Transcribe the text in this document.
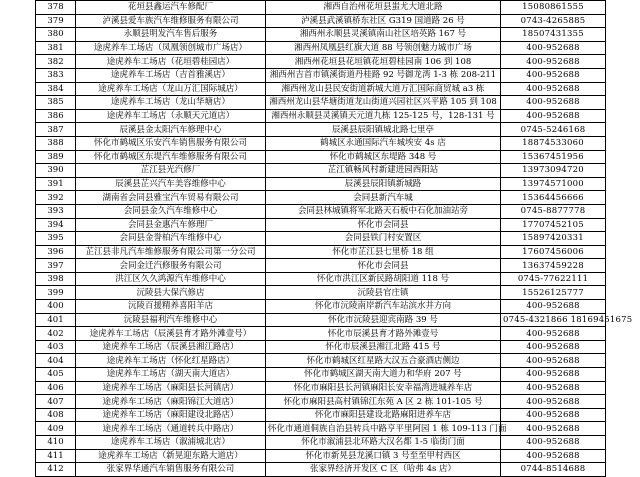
378	花垣县鑫运汽车修配厂	湘西自治州花垣县蚩尤大道北路	15080861555
379	泸溪县爱车族汽车维修服务有限公司	泸溪县武溪镇桥东社区 G319 国道路 26 号	0743-4265885
380	永顺县明发汽车售后服务	湘西州永顺县灵溪镇南山社区培英路 167 号	18507431355
381	途虎养车工场店（凤凰领创城市广场店）	湘西州凤凰县红旗大道 88 号领创魅力城市广场	400-952688
382	途虎养车工场店（花垣碧桂园店）	湘西州花垣县花垣镇花垣碧桂园南 106 到 108	400-952688
383	途虎养车工场店（吉首雅溪店）	湘西州吉首市镇溪街道丹桂路 92 号御龙湾 1-3 栋 208-211	400-952688
384	途虎养车工场店（龙山万汇国际城店）	湘西州龙山县民安街道新城大道万汇国际商贸城 a3 栋	400-952688
385	途虎养车工场店（龙山华塘店）	湘西州龙山县华塘街道龙山街道兴园社区兴平路 105 到 108	400-952688
386	途虎养车工场店（永顺天元道店）	湘西州永顺县灵溪镇天元道九栋 125-125 号，128-131 号	400-952688
387	辰溪县金太阳汽车修理中心	辰溪县辰阳镇城北路七里亭	0745-5246168
388	怀化市鹤城区乐安汽车销售服务有限公司	鹤城区永通国际汽车城埃安 4s 店	18874533060
389	怀化市鹤城区东堤汽车维修服务有限公司	怀化市鹤城区东堤路 348 号	15367451956
390	芷江县光汽修厂	芷江镇畅风村新建进园西阳站	13973094720
391	辰溪县芷兴汽车美容维修中心	辰溪县辰阳镇新城路	13974571000
392	湖南省会同县雅宝汽车贸易有限公司	会同县新汽车城	15364456666
393	会同县金久汽车维修中心	会同县林城镇将军北路天石板中石化加油站旁	0745-8877778
394	会同县金惠汽车修理厂	怀化市会同县	17707452105
395	会同县金誉柏汽车维修中心	会同县铁门村安置区	15897420331
396	芷江县非凡汽车维修服务有限公司第一分公司	怀化市芷江县七里桥 18 组	17607456006
397	会同金迁汽修服务有限公司	怀化市会同县	13637459228
398	洪江区久久鸿源汽车维修中心	怀化市洪江区新民路胡阳道 118 号	0745-77622111
399	沅陵县大保汽修店	沅陵县官庄镇	15526125777
400	沅陵百援精养喜阳羊店	怀化市沅陵南岸新汽车站滨水井方向	400-952688
401	沅陵县福利汽车维修中心	怀化市沅陵县迎宾南路 39 号	0745-4321866 18169451675
402	途虎养车工场店（辰溪县育才路外滩壹号）	怀化市辰溪县育才路外滩壹号	400-952688
403	途虎养车工场店（辰溪县湘江路店）	怀化市辰溪县湘江北路 415 号	400-952688
404	途虎养车工场店（怀化红星路店）	怀化市鹤城区红星路大汉五合豪酒店侧边	400-952688
405	途虎养车工场店（湖天南大道店）	怀化市鹤城区湖天南大道力和华府 207 号	400-952688
406	途虎养车工场店（麻阳县长河镇店）	怀化市麻阳县长河镇麻阳长安幸福湾进城养车店	400-952688
407	途虎养车工场店（麻阳锦江大道店）	怀化市麻阳县高村镇锦江东苑 A 区 2 栋 101-105 号	400-952688
408	途虎养车工场店（麻阳建设北路店）	怀化市麻阳县建设北路麻阳进养车店	400-952688
409	途虎养车工场店（通道转兵中路店）	怀化市通道侗族自治县转兵中路亨平里阿园 1 栋 109-113 门面	400-952688
410	途虎养车工场店（溆浦城北店）	怀化市溆浦县北环路大汉名都 1-5 临街门面	400-952688
411	途虎养车工场店（新晃迎东路大道店）	怀化市新晃县龙溪口镇 3 号至至甲村西区	400-952688
412	张家界华通汽车销售服务有限公司	张家界经济开发区 C 区（哈弗 4s 店）	0744-8514688
